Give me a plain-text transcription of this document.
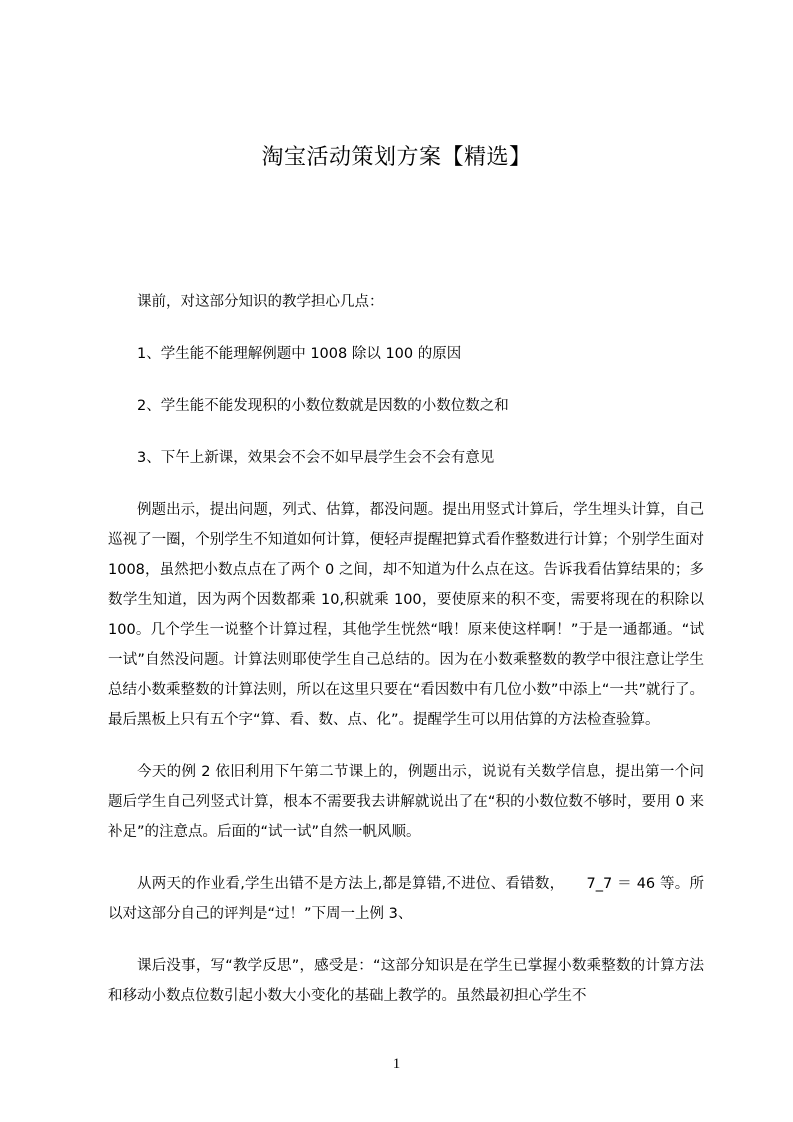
淘宝活动策划方案【精选】

课前，对这部分知识的教学担心几点：

1、学生能不能理解例题中 1008 除以 100 的原因

2、学生能不能发现积的小数位数就是因数的小数位数之和

3、下午上新课，效果会不会不如早晨学生会不会有意见

例题出示，提出问题，列式、估算，都没问题。提出用竖式计算后，学生埋头计算，自己巡视了一圈，个别学生不知道如何计算，便轻声提醒把算式看作整数进行计算；个别学生面对 1008，虽然把小数点点在了两个 0 之间，却不知道为什么点在这。告诉我看估算结果的；多数学生知道，因为两个因数都乘 10,积就乘 100，要使原来的积不变，需要将现在的积除以 100。几个学生一说整个计算过程，其他学生恍然“哦！原来使这样啊！”于是一通都通。“试一试”自然没问题。计算法则耶使学生自己总结的。因为在小数乘整数的教学中很注意让学生总结小数乘整数的计算法则，所以在这里只要在“看因数中有几位小数”中添上“一共”就行了。最后黑板上只有五个字“算、看、数、点、化”。提醒学生可以用估算的方法检查验算。

今天的例 2 依旧利用下午第二节课上的，例题出示，说说有关数学信息，提出第一个问题后学生自己列竖式计算，根本不需要我去讲解就说出了在“积的小数位数不够时，要用 0 来补足”的注意点。后面的“试一试”自然一帆风顺。

从两天的作业看,学生出错不是方法上,都是算错,不进位、看错数，　　7_7 ＝ 46 等。所以对这部分自己的评判是“过！”下周一上例 3、

课后没事，写“教学反思”，感受是：“这部分知识是在学生已掌握小数乘整数的计算方法和移动小数点位数引起小数大小变化的基础上教学的。虽然最初担心学生不

1
